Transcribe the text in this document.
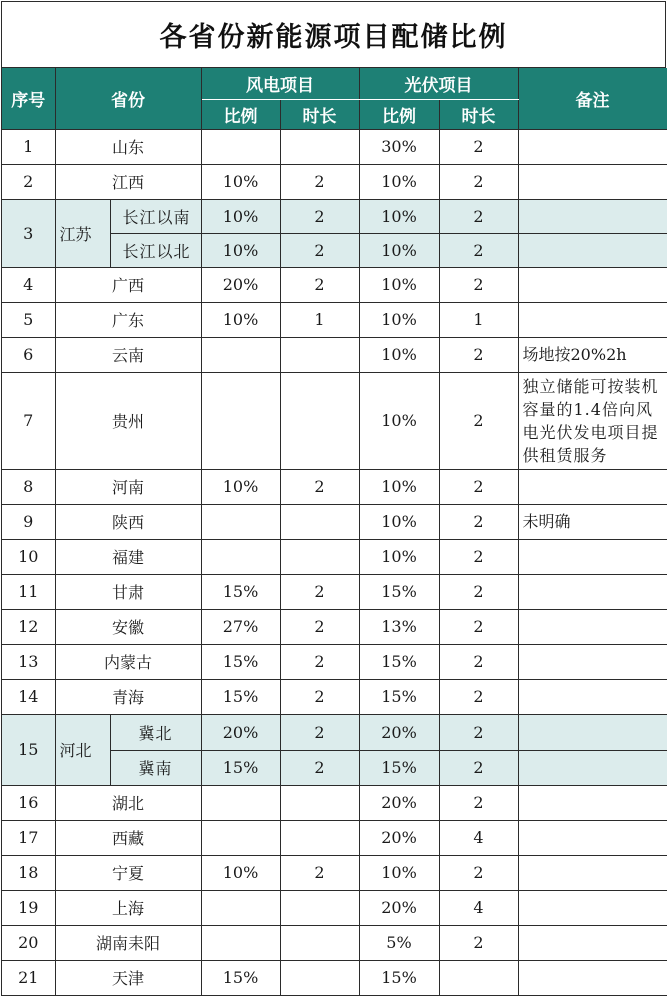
各省份新能源项目配储比例
序号	省份		风电项目		光伏项目		备注
			比例	时长	比例	时长	
1	山东				30%	2	
2	江西		10%	2	10%	2	
3	江苏	长江以南	10%	2	10%	2	
		长江以北	10%	2	10%	2	
4	广西		20%	2	10%	2	
5	广东		10%	1	10%	1	
6	云南				10%	2	场地按20%2h
7	贵州				10%	2	独立储能可按装机容量的1.4倍向风电光伏发电项目提供租赁服务
8	河南		10%	2	10%	2	
9	陕西				10%	2	未明确
10	福建				10%	2	
11	甘肃		15%	2	15%	2	
12	安徽		27%	2	13%	2	
13	内蒙古		15%	2	15%	2	
14	青海		15%	2	15%	2	
15	河北	冀北	20%	2	20%	2	
		冀南	15%	2	15%	2	
16	湖北				20%	2	
17	西藏				20%	4	
18	宁夏		10%	2	10%	2	
19	上海				20%	4	
20	湖南耒阳				5%	2	
21	天津		15%		15%		
